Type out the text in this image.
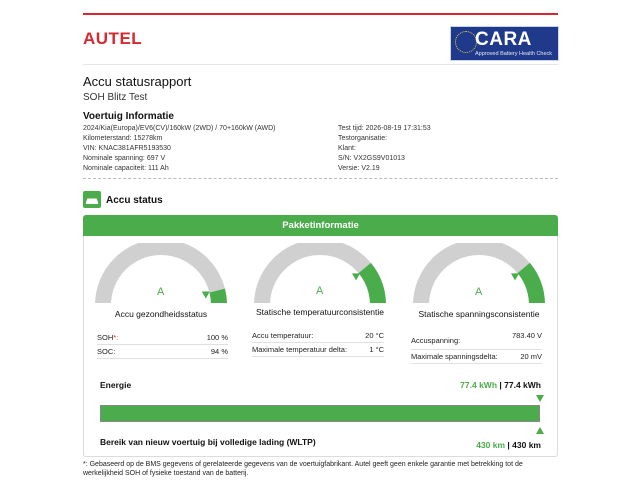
AUTEL	CARA
Approved Battery Health Check
Accu statusrapport
SOH Blitz Test
Voertuig Informatie
2024/Kia(Europa)/EV6(CV)/160kW (2WD) / 70+160kW (AWD)
Kilometerstand: 15278km
VIN: KNAC381AFR5193530
Nominale spanning: 697 V
Nominale capaciteit: 111 Ah
Test tijd: 2026-08-19 17:31:53
Testorganisatie:
Klant:
S/N: VX2GS9V01013
Versie: V2.19
Accu status
Pakketinformatie
A	A	A
Accu gezondheidsstatus	Statische temperatuurconsistentie	Statische spanningsconsistentie
SOH*:	100 %
SOC:	94 %
Accu temperatuur:	20 °C
Maximale temperatuur delta:	1 °C
Accuspanning:
783.40 V
Maximale spanningsdelta:	20 mV
Energie	77.4 kWh | 77.4 kWh
Bereik van nieuw voertuig bij volledige lading (WLTP)	430 km | 430 km
*: Gebaseerd op de BMS gegevens of gerelateerde gegevens van de voertuigfabrikant. Autel geeft geen enkele garantie met betrekking tot de werkelijkheid SOH of fysieke toestand van de batterij.
